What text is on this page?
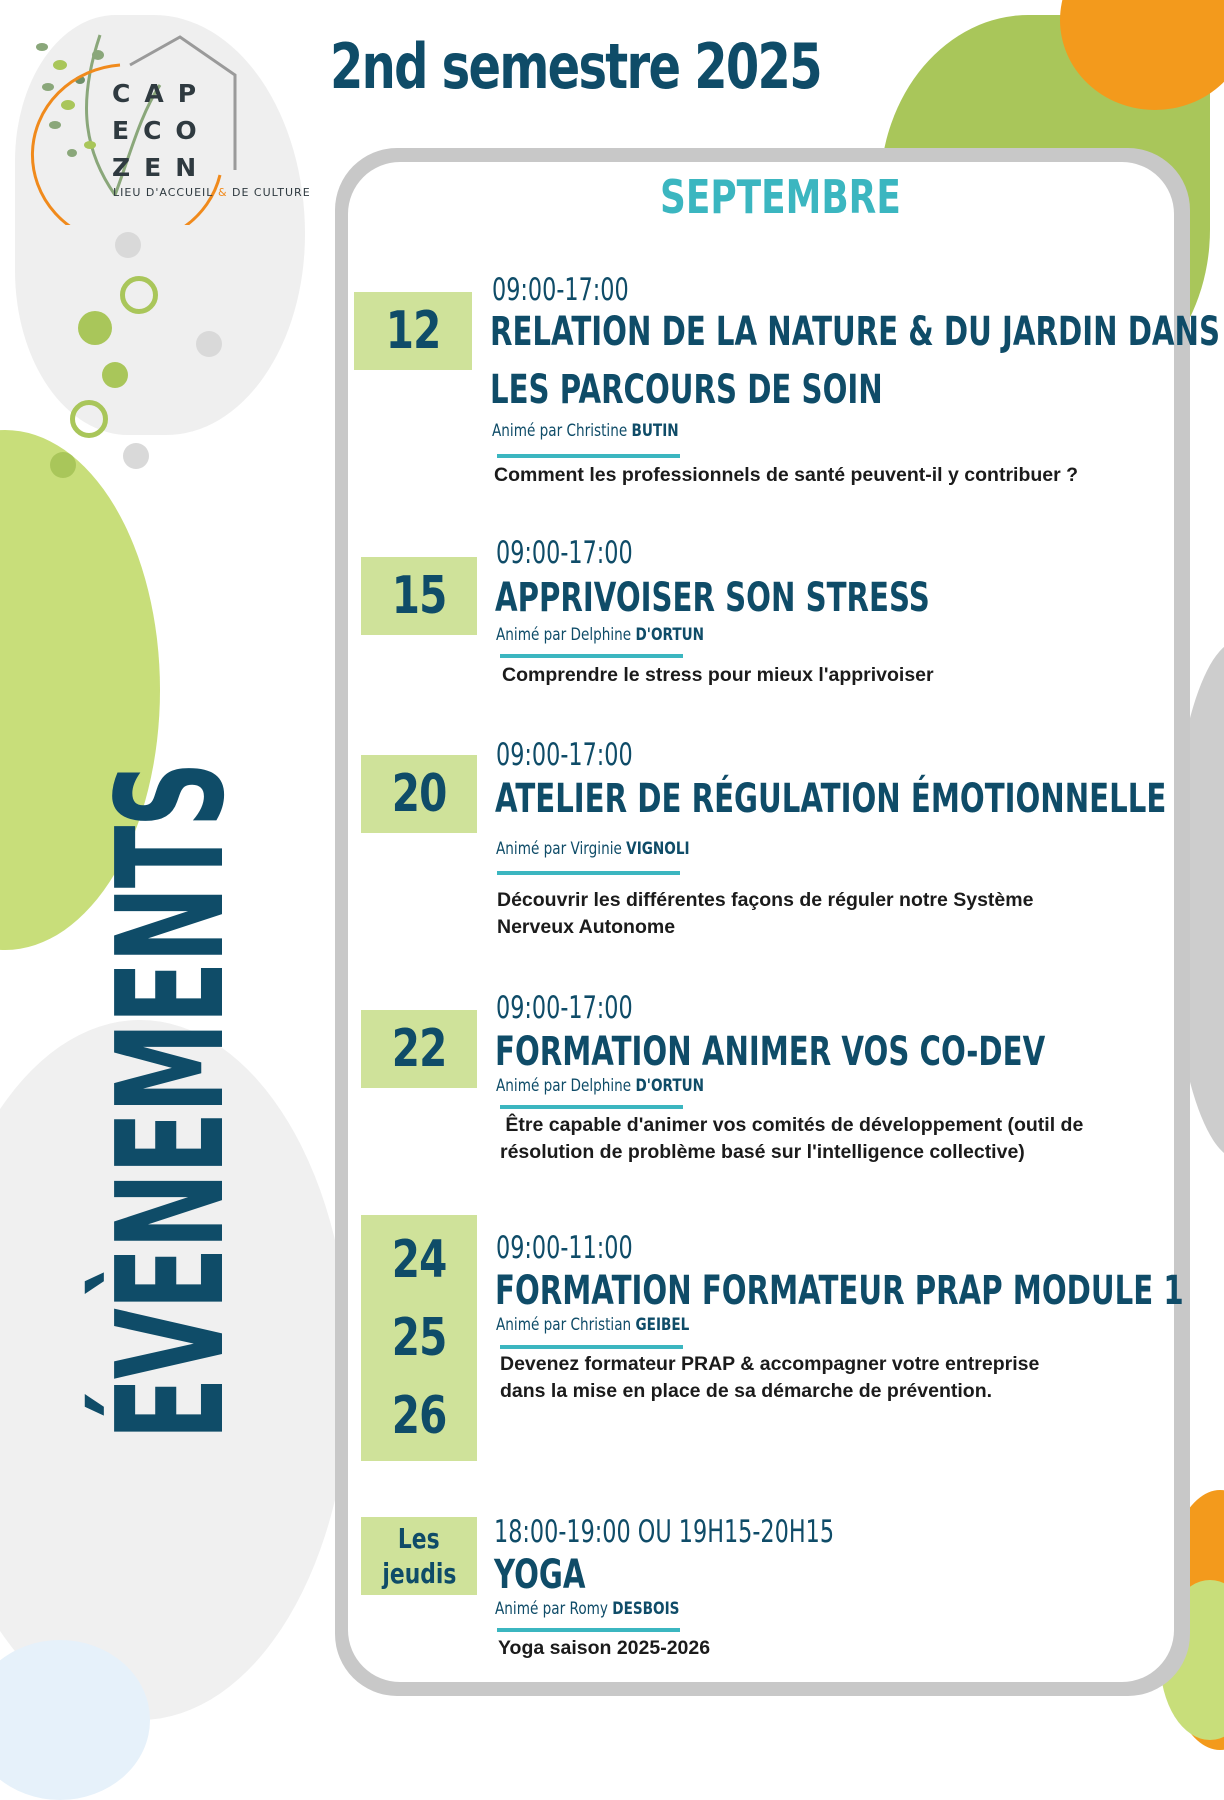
CAP
ECO
ZEN
LIEU D'ACCUEIL & DE CULTURE
2nd semestre 2025
ÉVÈNEMENTS
SEPTEMBRE
12
09:00-17:00
RELATION DE LA NATURE & DU JARDIN DANS
LES PARCOURS DE SOIN
Animé par Christine BUTIN
Comment les professionnels de santé peuvent-il y contribuer ?
15
09:00-17:00
APPRIVOISER SON STRESS
Animé par Delphine D'ORTUN
Comprendre le stress pour mieux l'apprivoiser
20
09:00-17:00
ATELIER DE RÉGULATION ÉMOTIONNELLE
Animé par Virginie VIGNOLI
Découvrir les différentes façons de réguler notre Système
Nerveux Autonome
22
09:00-17:00
FORMATION ANIMER VOS CO-DEV
Animé par Delphine D'ORTUN
Être capable d'animer vos comités de développement (outil de
résolution de problème basé sur l'intelligence collective)
24
25
26
09:00-11:00
FORMATION FORMATEUR PRAP MODULE 1
Animé par Christian GEIBEL
Devenez formateur PRAP & accompagner votre entreprise
dans la mise en place de sa démarche de prévention.
Les
jeudis
18:00-19:00 OU 19H15-20H15
YOGA
Animé par Romy DESBOIS
Yoga saison 2025-2026
